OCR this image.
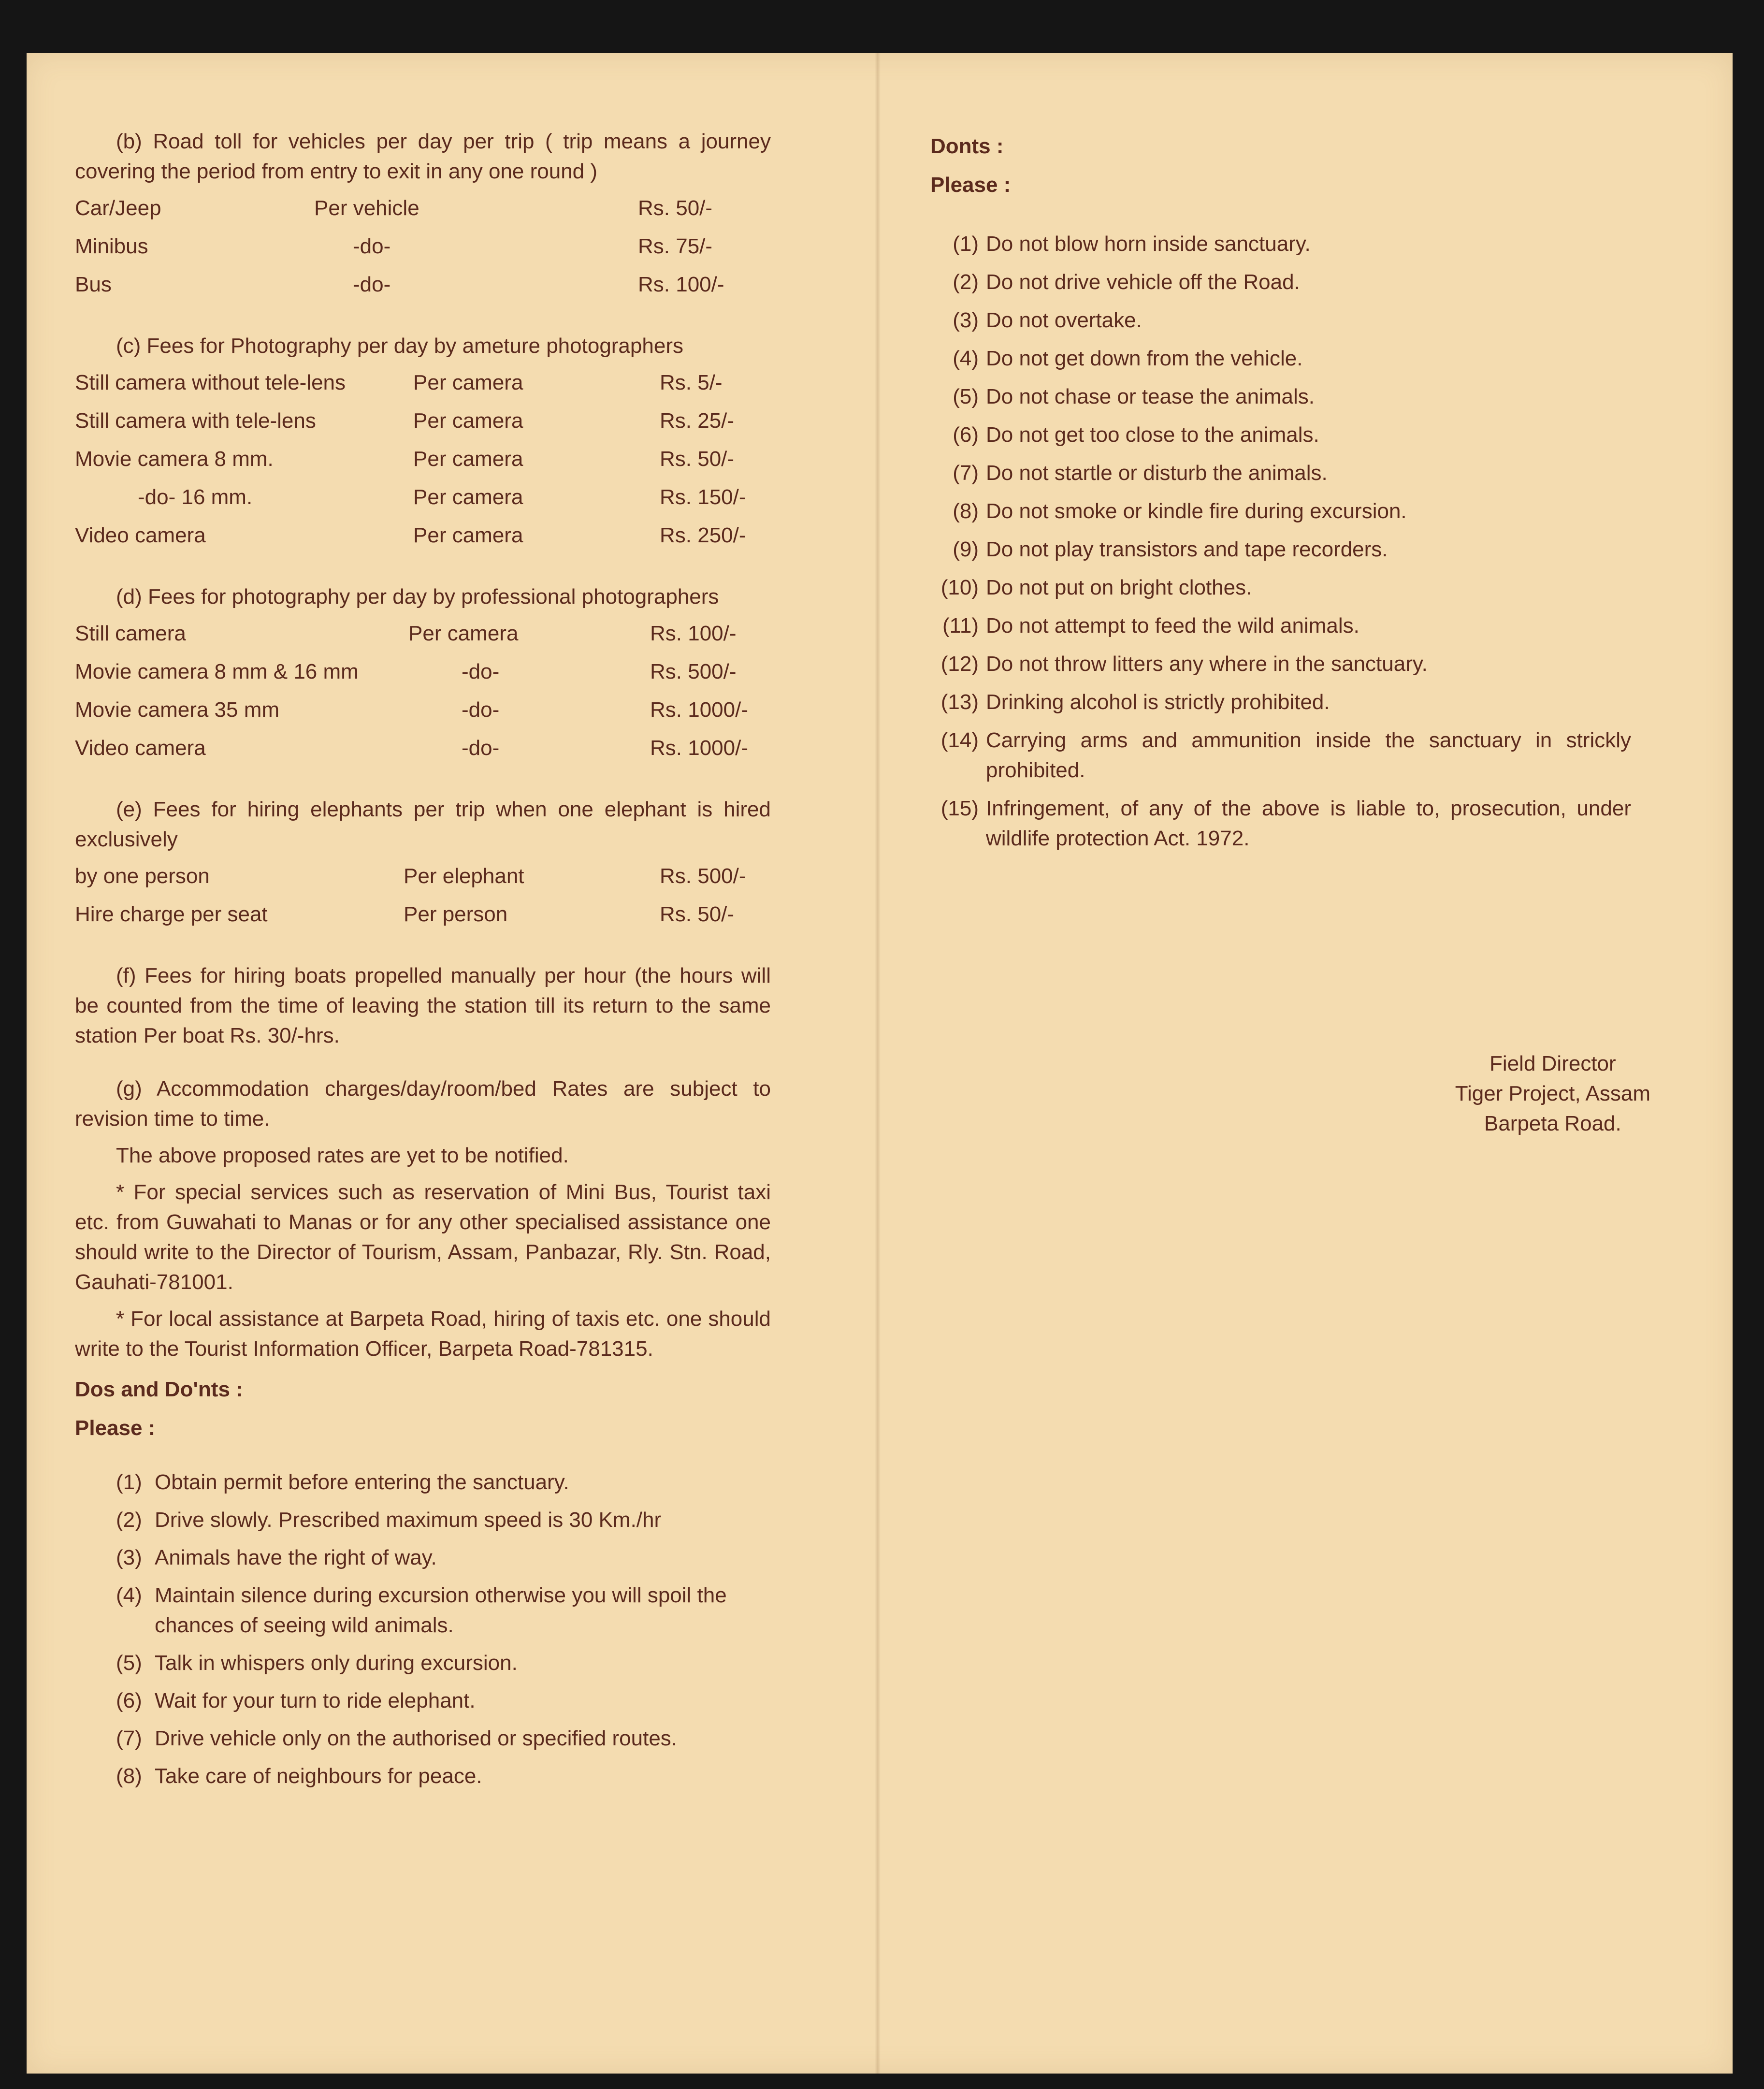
(b) Road toll for vehicles per day per trip ( trip means a journey covering the period from entry to exit in any one round )
Car/Jeep	Per vehicle	Rs. 50/-
Minibus	-do-	Rs. 75/-
Bus	-do-	Rs. 100/-
(c) Fees for Photography per day by ameture photographers
Still camera without tele-lens	Per camera	Rs. 5/-
Still camera with tele-lens	Per camera	Rs. 25/-
Movie camera 8 mm.	Per camera	Rs. 50/-
-do- 16 mm.	Per camera	Rs. 150/-
Video camera	Per camera	Rs. 250/-
(d) Fees for photography per day by professional photographers
Still camera	Per camera	Rs. 100/-
Movie camera 8 mm & 16 mm	-do-	Rs. 500/-
Movie camera 35 mm	-do-	Rs. 1000/-
Video camera	-do-	Rs. 1000/-
(e) Fees for hiring elephants per trip when one elephant is hired exclusively
by one person	Per elephant	Rs. 500/-
Hire charge per seat	Per person	Rs. 50/-
(f) Fees for hiring boats propelled manually per hour (the hours will be counted from the time of leaving the station till its return to the same station Per boat Rs. 30/-hrs.
(g) Accommodation charges/day/room/bed Rates are subject to revision time to time.

The above proposed rates are yet to be notified.

* For special services such as reservation of Mini Bus, Tourist taxi etc. from Guwahati to Manas or for any other specialised assistance one should write to the Director of Tourism, Assam, Panbazar, Rly. Stn. Road, Gauhati-781001.

* For local assistance at Barpeta Road, hiring of taxis etc. one should write to the Tourist Information Officer, Barpeta Road-781315.

Dos and Do'nts :

Please :

(1) Obtain permit before entering the sanctuary.
(2) Drive slowly. Prescribed maximum speed is 30 Km./hr
(3) Animals have the right of way.
(4) Maintain silence during excursion otherwise you will spoil the chances of seeing wild animals.
(5) Talk in whispers only during excursion.
(6) Wait for your turn to ride elephant.
(7) Drive vehicle only on the authorised or specified routes.
(8) Take care of neighbours for peace.

Donts :

Please :

(1) Do not blow horn inside sanctuary.
(2) Do not drive vehicle off the Road.
(3) Do not overtake.
(4) Do not get down from the vehicle.
(5) Do not chase or tease the animals.
(6) Do not get too close to the animals.
(7) Do not startle or disturb the animals.
(8) Do not smoke or kindle fire during excursion.
(9) Do not play transistors and tape recorders.
(10) Do not put on bright clothes.
(11) Do not attempt to feed the wild animals.
(12) Do not throw litters any where in the sanctuary.
(13) Drinking alcohol is strictly prohibited.
(14) Carrying arms and ammunition inside the sanctuary in strickly prohibited.
(15) Infringement, of any of the above is liable to, prosecution, under wildlife protection Act. 1972.
Field Director
Tiger Project, Assam
Barpeta Road.
